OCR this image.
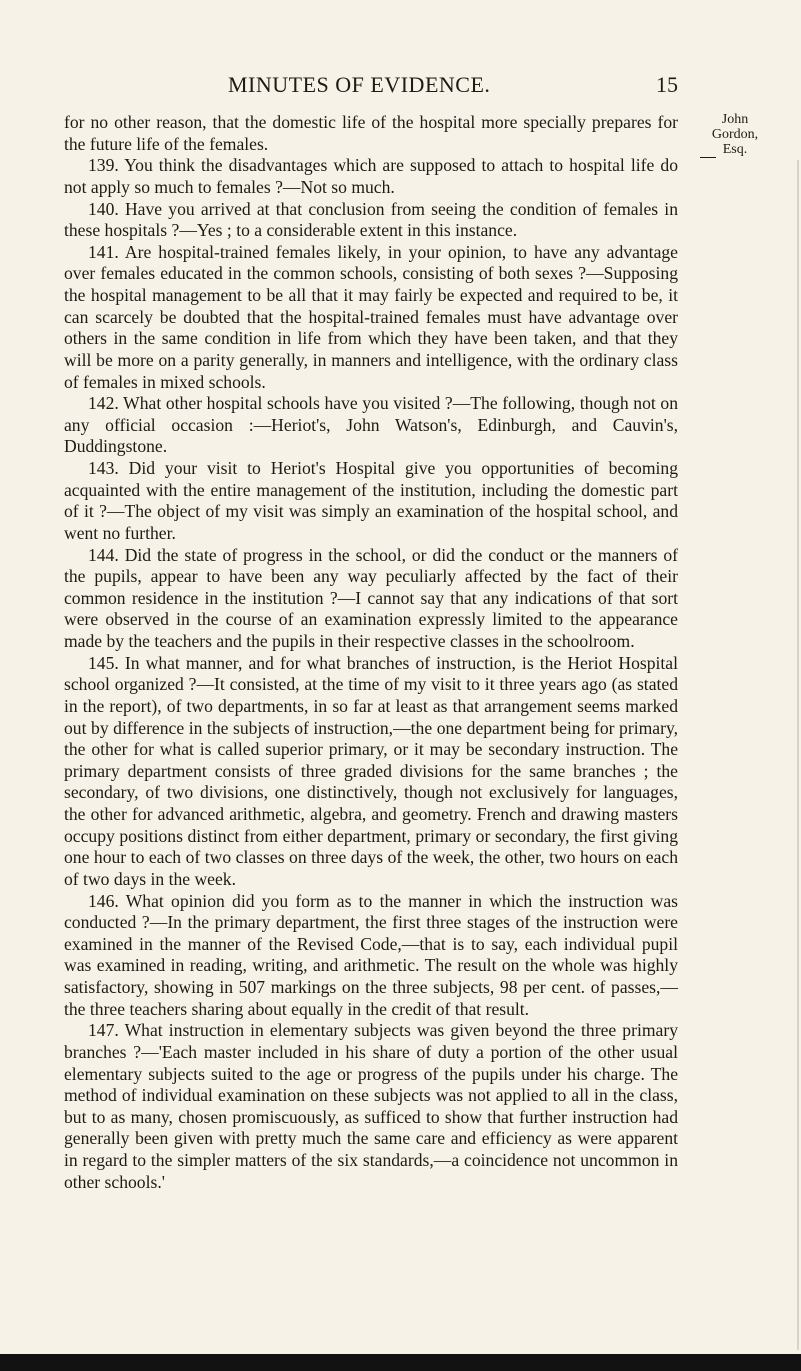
MINUTES OF EVIDENCE.	15

for no other reason, that the domestic life of the hospital more specially prepares for the future life of the females.

139. You think the disadvantages which are supposed to attach to hospital life do not apply so much to females ?—Not so much.

140. Have you arrived at that conclusion from seeing the condition of females in these hospitals ?—Yes ; to a considerable extent in this instance.

141. Are hospital-trained females likely, in your opinion, to have any advantage over females educated in the common schools, consisting of both sexes ?—Supposing the hospital management to be all that it may fairly be expected and required to be, it can scarcely be doubted that the hospital-trained females must have advantage over others in the same condition in life from which they have been taken, and that they will be more on a parity generally, in manners and intelligence, with the ordinary class of females in mixed schools.

142. What other hospital schools have you visited ?—The following, though not on any official occasion :—Heriot's, John Watson's, Edinburgh, and Cauvin's, Duddingstone.

143. Did your visit to Heriot's Hospital give you opportunities of becoming acquainted with the entire management of the institution, including the domestic part of it ?—The object of my visit was simply an examination of the hospital school, and went no further.

144. Did the state of progress in the school, or did the conduct or the manners of the pupils, appear to have been any way peculiarly affected by the fact of their common residence in the institution ?—I cannot say that any indications of that sort were observed in the course of an examination expressly limited to the appearance made by the teachers and the pupils in their respective classes in the schoolroom.

145. In what manner, and for what branches of instruction, is the Heriot Hospital school organized ?—It consisted, at the time of my visit to it three years ago (as stated in the report), of two departments, in so far at least as that arrangement seems marked out by difference in the subjects of instruction,—the one department being for primary, the other for what is called superior primary, or it may be secondary instruction. The primary department consists of three graded divisions for the same branches ; the secondary, of two divisions, one distinctively, though not exclusively for languages, the other for advanced arithmetic, algebra, and geometry. French and drawing masters occupy positions distinct from either department, primary or secondary, the first giving one hour to each of two classes on three days of the week, the other, two hours on each of two days in the week.

146. What opinion did you form as to the manner in which the instruction was conducted ?—In the primary department, the first three stages of the instruction were examined in the manner of the Revised Code,—that is to say, each individual pupil was examined in reading, writing, and arithmetic. The result on the whole was highly satisfactory, showing in 507 markings on the three subjects, 98 per cent. of passes,—the three teachers sharing about equally in the credit of that result.

147. What instruction in elementary subjects was given beyond the three primary branches ?—'Each master included in his share of duty a portion of the other usual elementary subjects suited to the age or progress of the pupils under his charge. The method of individual examination on these subjects was not applied to all in the class, but to as many, chosen promiscuously, as sufficed to show that further instruction had generally been given with pretty much the same care and efficiency as were apparent in regard to the simpler matters of the six standards,—a coincidence not uncommon in other schools.'

John
Gordon,
Esq.
